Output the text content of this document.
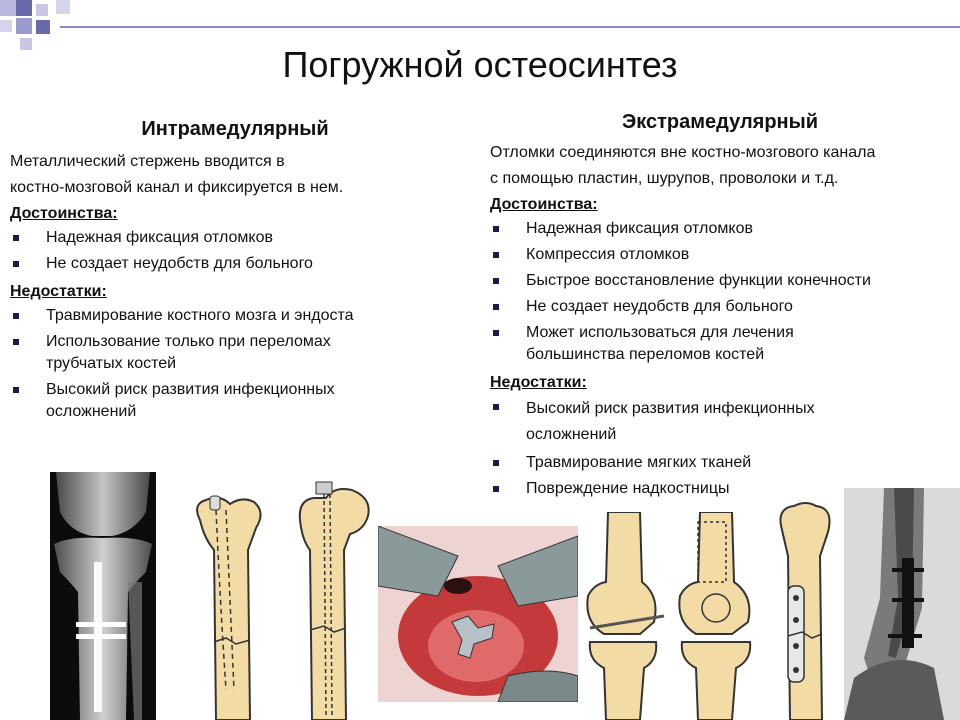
Погружной остеосинтез
Интрамедулярный
Металлический стержень вводится в
костно-мозговой канал и фиксируется в нем.
Достоинства:
Надежная фиксация отломков
Не создает неудобств для больного
Недостатки:
Травмирование костного мозга и эндоста
Использование только при переломах трубчатых костей
Высокий риск развития инфекционных осложнений
Экстрамедулярный
Отломки соединяются вне костно-мозгового канала
с помощью пластин, шурупов, проволоки и т.д.
Достоинства:
Надежная фиксация отломков
Компрессия отломков
Быстрое восстановление функции конечности
Не создает неудобств для больного
Может использоваться для лечения большинства переломов костей
Недостатки:
Высокий риск развития инфекционных осложнений
Травмирование мягких тканей
Повреждение надкостницы
